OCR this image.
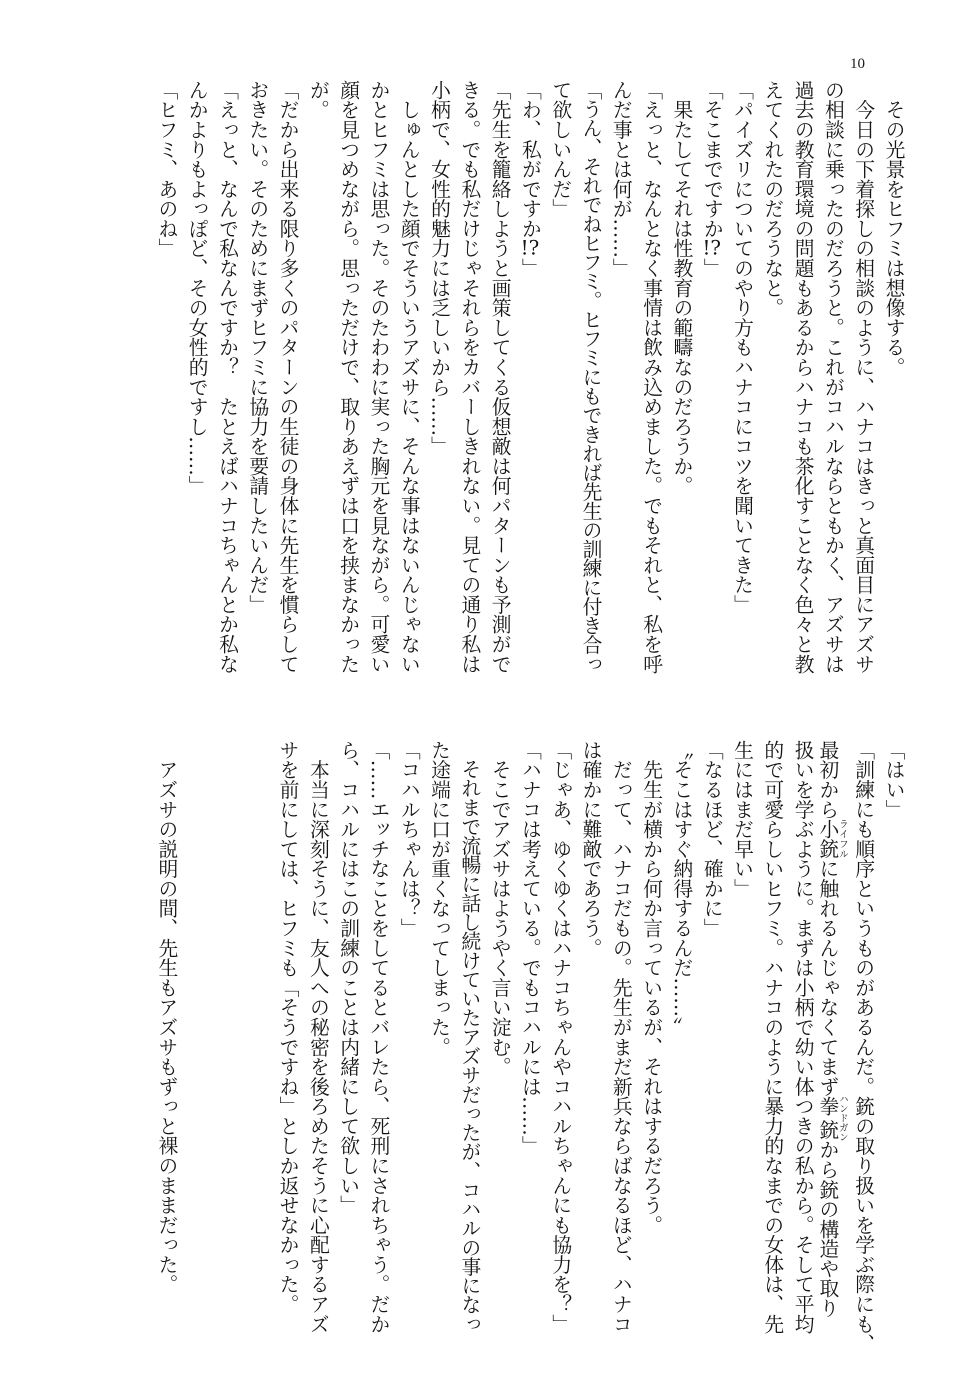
10
　その光景をヒフミは想像する。
　今日の下着探しの相談のように、ハナコはきっと真面目にアズサ
の相談に乗ったのだろうと。これがコハルならともかく、アズサは
過去の教育環境の問題もあるからハナコも茶化すことなく色々と教
えてくれたのだろうなと。
「パイズリについてのやり方もハナコにコツを聞いてきた」
「そこまでですか!?」
　果たしてそれは性教育の範疇なのだろうか。
「えっと、なんとなく事情は飲み込めました。でもそれと、私を呼
んだ事とは何が……」
「うん、それでねヒフミ。ヒフミにもできれば先生の訓練に付き合っ
て欲しいんだ」
「わ、私がですか!?」
「先生を籠絡しようと画策してくる仮想敵は何パターンも予測がで
きる。でも私だけじゃそれらをカバーしきれない。見ての通り私は
小柄で、女性的魅力には乏しいから……」
　しゅんとした顔でそういうアズサに、そんな事はないんじゃない
かとヒフミは思った。そのたわわに実った胸元を見ながら。可愛い
顔を見つめながら。思っただけで、取りあえずは口を挟まなかった
が。
「だから出来る限り多くのパターンの生徒の身体に先生を慣らして
おきたい。そのためにまずヒフミに協力を要請したいんだ」
「えっと、なんで私なんですか？　たとえばハナコちゃんとか私な
んかよりもよっぽど、その女性的ですし……」
「ヒフミ、あのね」
「はい」
「訓練にも順序というものがあるんだ。銃の取り扱いを学ぶ際にも、
最初から小銃ライフルに触れるんじゃなくてまず拳銃ハンドガンから銃の構造や取り
扱いを学ぶように。まずは小柄で幼い体つきの私から。そして平均
的で可愛らしいヒフミ。ハナコのように暴力的なまでの女体は、先
生にはまだ早い」
「なるほど、確かに」
〝そこはすぐ納得するんだ……〟
　先生が横から何か言っているが、それはするだろう。
　だって、ハナコだもの。先生がまだ新兵ならばなるほど、ハナコ
は確かに難敵であろう。
「じゃあ、ゆくゆくはハナコちゃんやコハルちゃんにも協力を？」
「ハナコは考えている。でもコハルには……」
　そこでアズサはようやく言い淀む。
　それまで流暢に話し続けていたアズサだったが、コハルの事になっ
た途端に口が重くなってしまった。
「コハルちゃんは？」
「……エッチなことをしてるとバレたら、死刑にされちゃう。だか
ら、コハルにはこの訓練のことは内緒にして欲しい」
　本当に深刻そうに、友人への秘密を後ろめたそうに心配するアズ
サを前にしては、ヒフミも「そうですね」としか返せなかった。
　アズサの説明の間、先生もアズサもずっと裸のままだった。
